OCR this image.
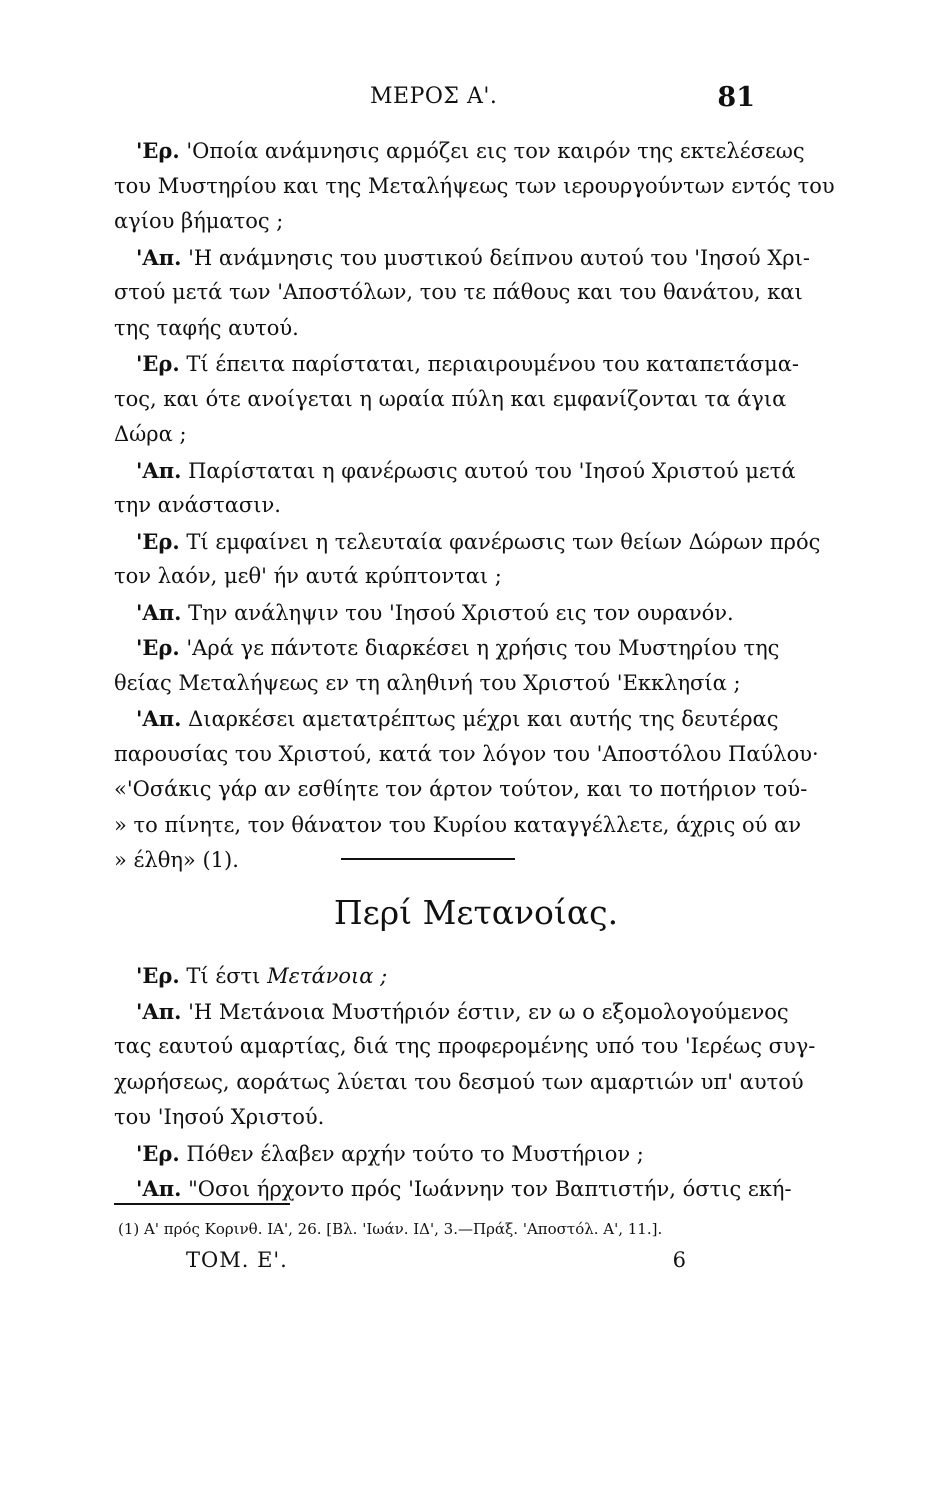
ΜΕΡΟΣ Α'.	81
'Ερ. 'Οποία ανάμνησις αρμόζει εις τον καιρόν της εκτελέσεως
του Μυστηρίου και της Μεταλήψεως των ιερουργούντων εντός του
αγίου βήματος ;
'Απ. 'Η ανάμνησις του μυστικού δείπνου αυτού του 'Ιησού Χρι-
στού μετά των 'Αποστόλων, του τε πάθους και του θανάτου, και
της ταφής αυτού.
'Ερ. Τί έπειτα παρίσταται, περιαιρουμένου του καταπετάσμα-
τος, και ότε ανοίγεται η ωραία πύλη και εμφανίζονται τα άγια
Δώρα ;
'Απ. Παρίσταται η φανέρωσις αυτού του 'Ιησού Χριστού μετά
την ανάστασιν.
'Ερ. Τί εμφαίνει η τελευταία φανέρωσις των θείων Δώρων πρός
τον λαόν, μεθ' ήν αυτά κρύπτονται ;
'Απ. Την ανάληψιν του 'Ιησού Χριστού εις τον ουρανόν.
'Ερ. 'Αρά γε πάντοτε διαρκέσει η χρήσις του Μυστηρίου της
θείας Μεταλήψεως εν τη αληθινή του Χριστού 'Εκκλησία ;
'Απ. Διαρκέσει αμετατρέπτως μέχρι και αυτής της δευτέρας
παρουσίας του Χριστού, κατά τον λόγον του 'Αποστόλου Παύλου·
«'Οσάκις γάρ αν εσθίητε τον άρτον τούτον, και το ποτήριον τού-
» το πίνητε, τον θάνατον του Κυρίου καταγγέλλετε, άχρις ού αν
» έλθη» (1).
Περί Μετανοίας.
'Ερ. Τί έστι Μετάνοια ;
'Απ. 'Η Μετάνοια Μυστήριόν έστιν, εν ω ο εξομολογούμενος
τας εαυτού αμαρτίας, διά της προφερομένης υπό του 'Ιερέως συγ-
χωρήσεως, αοράτως λύεται του δεσμού των αμαρτιών υπ' αυτού
του 'Ιησού Χριστού.
'Ερ. Πόθεν έλαβεν αρχήν τούτο το Μυστήριον ;
'Απ. "Οσοι ήρχοντο πρός 'Ιωάννην τον Βαπτιστήν, όστις εκή-
(1) Α' πρός Κορινθ. ΙΑ', 26. [Βλ. 'Ιωάν. ΙΔ', 3.—Πράξ. 'Αποστόλ. Α', 11.].
ΤΟΜ. Ε'.	6
